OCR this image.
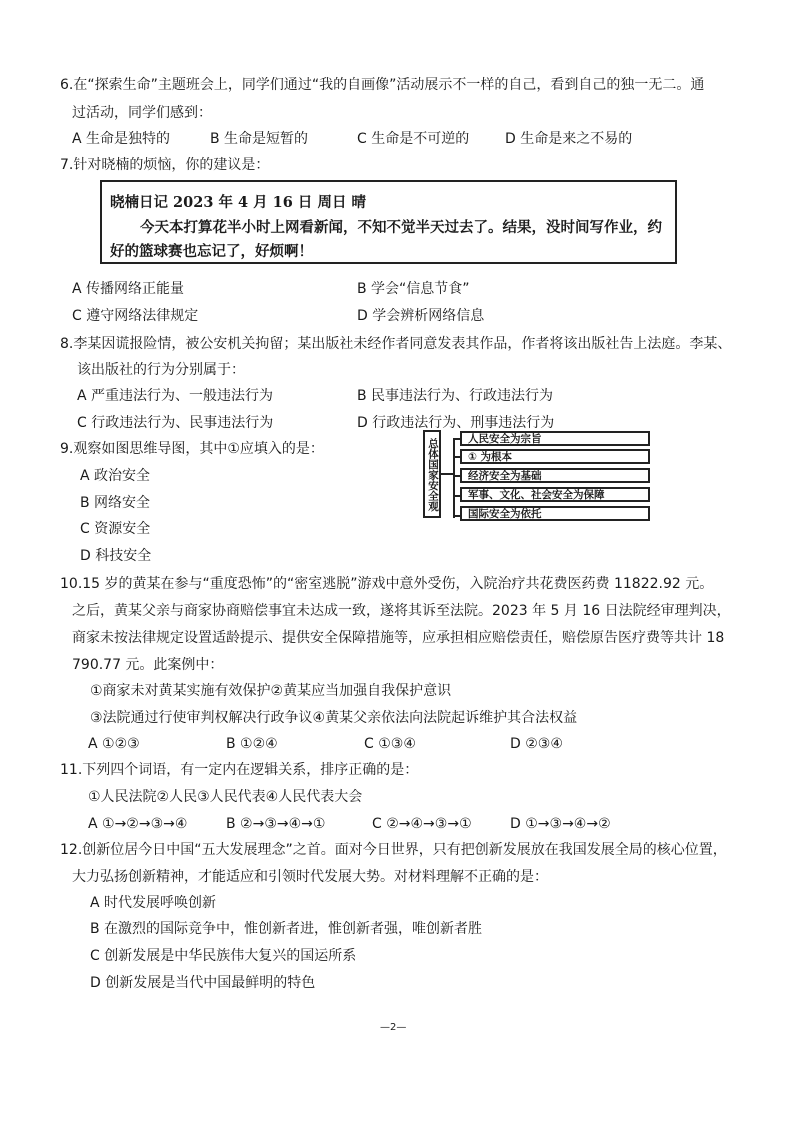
6.在“探索生命”主题班会上，同学们通过“我的自画像”活动展示不一样的自己，看到自己的独一无二。通
过活动，同学们感到：
A 生命是独特的	B 生命是短暂的	C 生命是不可逆的	D 生命是来之不易的
7.针对晓楠的烦恼，你的建议是：
晓楠日记 2023 年 4 月 16 日 周日 晴
今天本打算花半小时上网看新闻，不知不觉半天过去了。结果，没时间写作业，约
好的篮球赛也忘记了，好烦啊！
A 传播网络正能量	B 学会“信息节食”
C 遵守网络法律规定	D 学会辨析网络信息
8.李某因谎报险情，被公安机关拘留；某出版社未经作者同意发表其作品，作者将该出版社告上法庭。李某、
该出版社的行为分别属于：
A 严重违法行为、一般违法行为	B 民事违法行为、行政违法行为
C 行政违法行为、民事违法行为	D 行政违法行为、刑事违法行为
9.观察如图思维导图，其中①应填入的是：
A 政治安全
B 网络安全
C 资源安全
D 科技安全
总体国家安全观	人民安全为宗旨
① 为根本
经济安全为基础
军事、文化、社会安全为保障
国际安全为依托
10.15 岁的黄某在参与“重度恐怖”的“密室逃脱”游戏中意外受伤，入院治疗共花费医药费 11822.92 元。
之后，黄某父亲与商家协商赔偿事宜未达成一致，遂将其诉至法院。2023 年 5 月 16 日法院经审理判决，
商家未按法律规定设置适龄提示、提供安全保障措施等，应承担相应赔偿责任，赔偿原告医疗费等共计 18
790.77 元。此案例中：
①商家未对黄某实施有效保护②黄某应当加强自我保护意识
③法院通过行使审判权解决行政争议④黄某父亲依法向法院起诉维护其合法权益
A ①②③	B ①②④	C ①③④	D ②③④
11.下列四个词语，有一定内在逻辑关系，排序正确的是：
①人民法院②人民③人民代表④人民代表大会
A ①→②→③→④	B ②→③→④→①	C ②→④→③→①	D ①→③→④→②
12.创新位居今日中国“五大发展理念”之首。面对今日世界，只有把创新发展放在我国发展全局的核心位置，
大力弘扬创新精神，才能适应和引领时代发展大势。对材料理解不正确的是：
A 时代发展呼唤创新
B 在激烈的国际竞争中，惟创新者进，惟创新者强，唯创新者胜
C 创新发展是中华民族伟大复兴的国运所系
D 创新发展是当代中国最鲜明的特色
—2—
